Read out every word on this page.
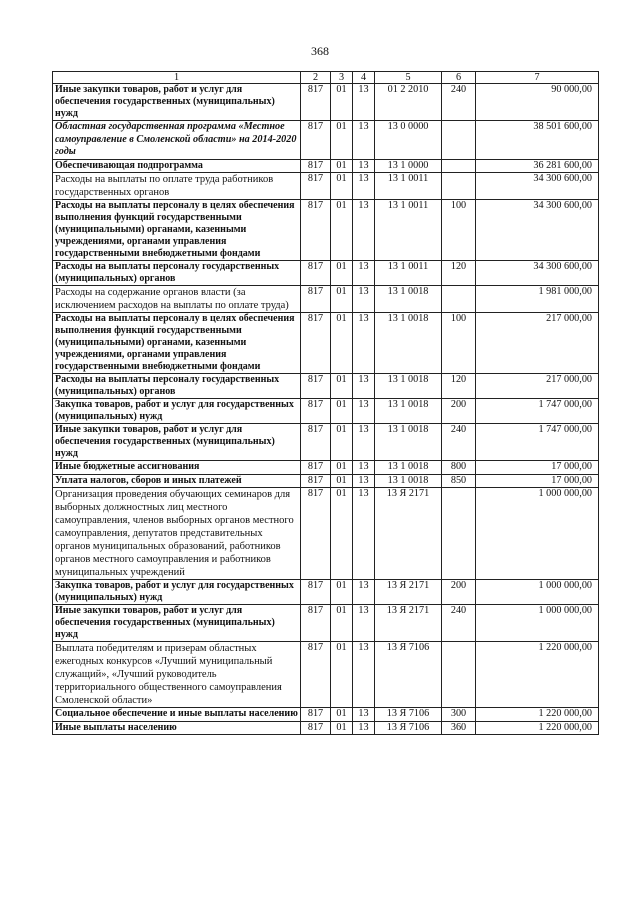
368
1	2	3	4	5	6	7
Иные закупки товаров, работ и услуг для обеспечения государственных (муниципальных) нужд	817	01	13	01 2 2010	240	90 000,00
Областная государственная программа «Местное самоуправление в Смоленской области» на 2014-2020 годы	817	01	13	13 0 0000		38 501 600,00
Обеспечивающая подпрограмма	817	01	13	13 1 0000		36 281 600,00
Расходы на выплаты по оплате труда работников государственных органов	817	01	13	13 1 0011		34 300 600,00
Расходы на выплаты персоналу в целях обеспечения выполнения функций государственными (муниципальными) органами, казенными учреждениями, органами управления государственными внебюджетными фондами	817	01	13	13 1 0011	100	34 300 600,00
Расходы на выплаты персоналу государственных (муниципальных) органов	817	01	13	13 1 0011	120	34 300 600,00
Расходы на содержание органов власти (за исключением расходов на выплаты по оплате труда)	817	01	13	13 1 0018		1 981 000,00
Расходы на выплаты персоналу в целях обеспечения выполнения функций государственными (муниципальными) органами, казенными учреждениями, органами управления государственными внебюджетными фондами	817	01	13	13 1 0018	100	217 000,00
Расходы на выплаты персоналу государственных (муниципальных) органов	817	01	13	13 1 0018	120	217 000,00
Закупка товаров, работ и услуг для государственных (муниципальных) нужд	817	01	13	13 1 0018	200	1 747 000,00
Иные закупки товаров, работ и услуг для обеспечения государственных (муниципальных) нужд	817	01	13	13 1 0018	240	1 747 000,00
Иные бюджетные ассигнования	817	01	13	13 1 0018	800	17 000,00
Уплата налогов, сборов и иных платежей	817	01	13	13 1 0018	850	17 000,00
Организация проведения обучающих семинаров для выборных должностных лиц местного самоуправления, членов выборных органов местного самоуправления, депутатов представительных органов муниципальных образований, работников органов местного самоуправления и работников муниципальных учреждений	817	01	13	13 Я 2171		1 000 000,00
Закупка товаров, работ и услуг для государственных (муниципальных) нужд	817	01	13	13 Я 2171	200	1 000 000,00
Иные закупки товаров, работ и услуг для обеспечения государственных (муниципальных) нужд	817	01	13	13 Я 2171	240	1 000 000,00
Выплата победителям и призерам областных ежегодных конкурсов «Лучший муниципальный служащий», «Лучший руководитель территориального общественного самоуправления Смоленской области»	817	01	13	13 Я 7106		1 220 000,00
Социальное обеспечение и иные выплаты населению	817	01	13	13 Я 7106	300	1 220 000,00
Иные выплаты населению	817	01	13	13 Я 7106	360	1 220 000,00
